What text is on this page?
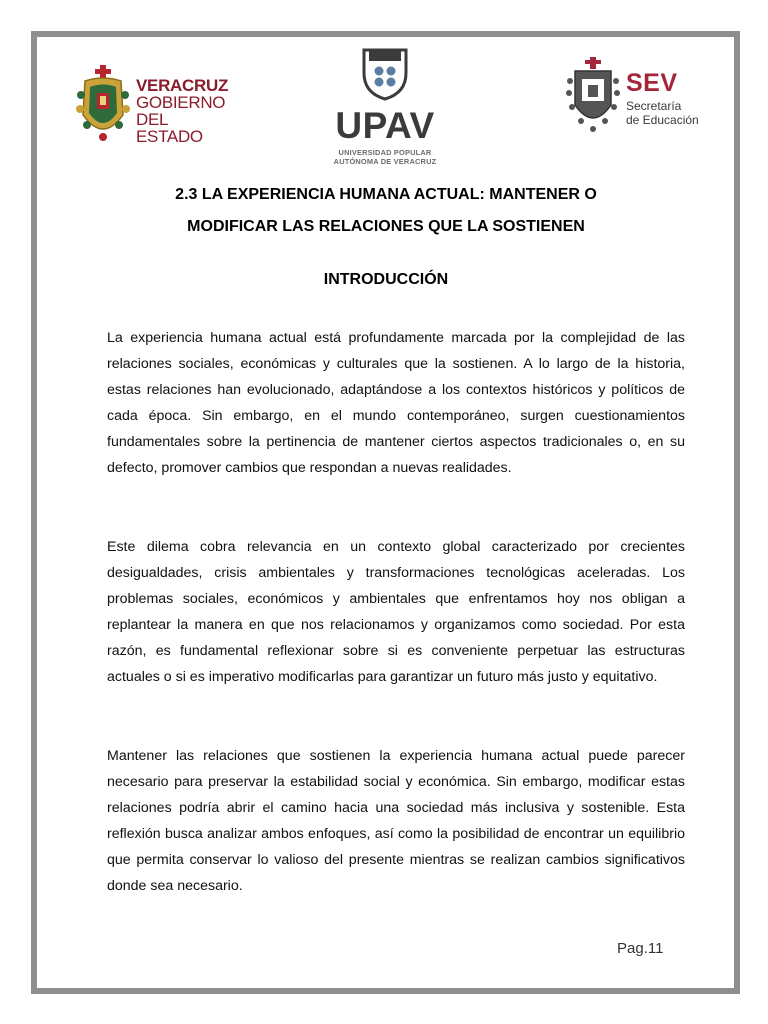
VERACRUZ
GOBIERNO
DEL ESTADO	UPAV
UNIVERSIDAD POPULAR
AUTÓNOMA DE VERACRUZ
SEV
Secretaría
de Educación
2.3 LA EXPERIENCIA HUMANA ACTUAL: MANTENER O
MODIFICAR LAS RELACIONES QUE LA SOSTIENEN
INTRODUCCIÓN

La experiencia humana actual está profundamente marcada por la complejidad de las relaciones sociales, económicas y culturales que la sostienen. A lo largo de la historia, estas relaciones han evolucionado, adaptándose a los contextos históricos y políticos de cada época. Sin embargo, en el mundo contemporáneo, surgen cuestionamientos fundamentales sobre la pertinencia de mantener ciertos aspectos tradicionales o, en su defecto, promover cambios que respondan a nuevas realidades.

Este dilema cobra relevancia en un contexto global caracterizado por crecientes desigualdades, crisis ambientales y transformaciones tecnológicas aceleradas. Los problemas sociales, económicos y ambientales que enfrentamos hoy nos obligan a replantear la manera en que nos relacionamos y organizamos como sociedad. Por esta razón, es fundamental reflexionar sobre si es conveniente perpetuar las estructuras actuales o si es imperativo modificarlas para garantizar un futuro más justo y equitativo.

Mantener las relaciones que sostienen la experiencia humana actual puede parecer necesario para preservar la estabilidad social y económica. Sin embargo, modificar estas relaciones podría abrir el camino hacia una sociedad más inclusiva y sostenible. Esta reflexión busca analizar ambos enfoques, así como la posibilidad de encontrar un equilibrio que permita conservar lo valioso del presente mientras se realizan cambios significativos donde sea necesario.

Pag.11
